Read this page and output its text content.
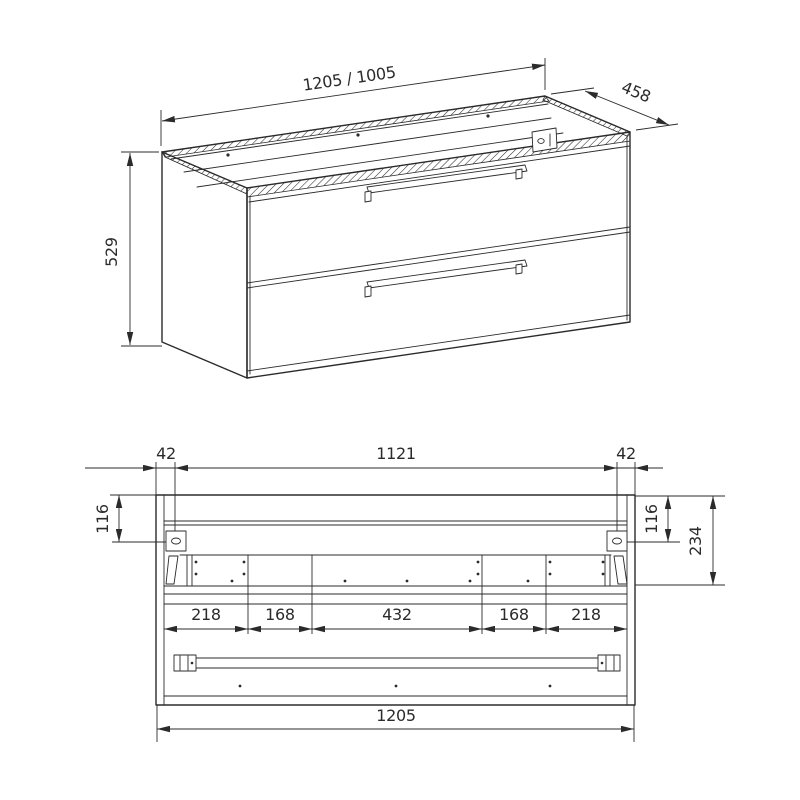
1205 / 1005	458
529
42	1121	42
116	116
234
218	168	432	168	218
1205
